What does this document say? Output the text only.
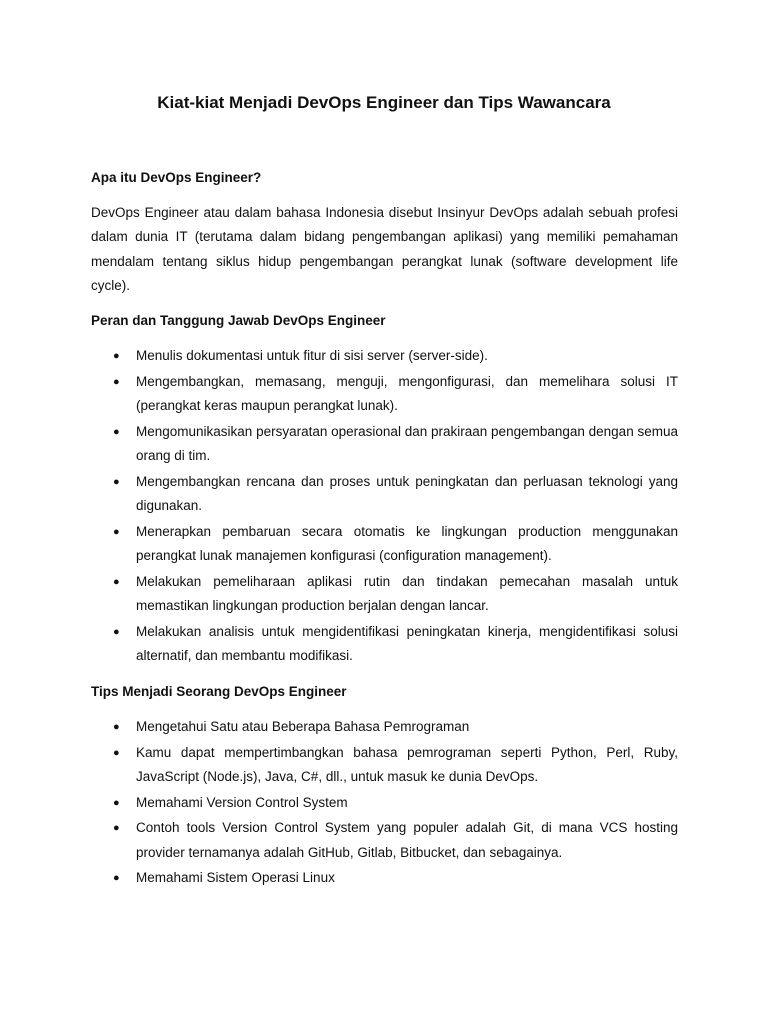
Kiat-kiat Menjadi DevOps Engineer dan Tips Wawancara

Apa itu DevOps Engineer?

DevOps Engineer atau dalam bahasa Indonesia disebut Insinyur DevOps adalah sebuah profesi dalam dunia IT (terutama dalam bidang pengembangan aplikasi) yang memiliki pemahaman mendalam tentang siklus hidup pengembangan perangkat lunak (software development life cycle).

Peran dan Tanggung Jawab DevOps Engineer

● Menulis dokumentasi untuk fitur di sisi server (server-side).
● Mengembangkan, memasang, menguji, mengonfigurasi, dan memelihara solusi IT (perangkat keras maupun perangkat lunak).
● Mengomunikasikan persyaratan operasional dan prakiraan pengembangan dengan semua orang di tim.
● Mengembangkan rencana dan proses untuk peningkatan dan perluasan teknologi yang digunakan.
● Menerapkan pembaruan secara otomatis ke lingkungan production menggunakan perangkat lunak manajemen konfigurasi (configuration management).
● Melakukan pemeliharaan aplikasi rutin dan tindakan pemecahan masalah untuk memastikan lingkungan production berjalan dengan lancar.
● Melakukan analisis untuk mengidentifikasi peningkatan kinerja, mengidentifikasi solusi alternatif, dan membantu modifikasi.

Tips Menjadi Seorang DevOps Engineer

● Mengetahui Satu atau Beberapa Bahasa Pemrograman
● Kamu dapat mempertimbangkan bahasa pemrograman seperti Python, Perl, Ruby, JavaScript (Node.js), Java, C#, dll., untuk masuk ke dunia DevOps.
● Memahami Version Control System
● Contoh tools Version Control System yang populer adalah Git, di mana VCS hosting provider ternamanya adalah GitHub, Gitlab, Bitbucket, dan sebagainya.
● Memahami Sistem Operasi Linux
